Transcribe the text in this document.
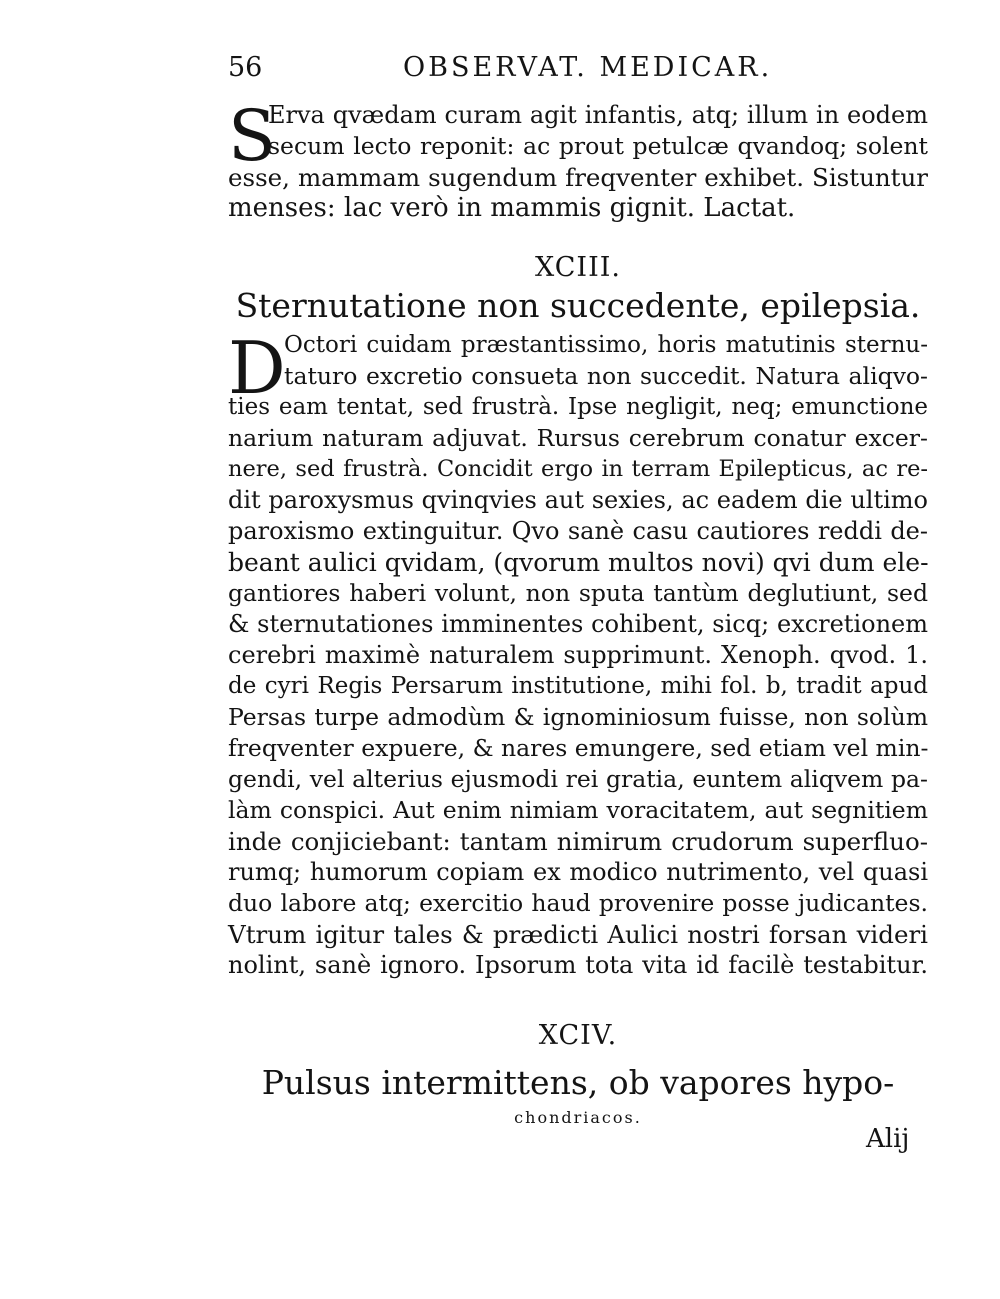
56	OBSERVAT. MEDICAR.
S
Erva qvædam curam agit infantis, atq; illum in eodem
secum lecto reponit: ac prout petulcæ qvandoq; solent
esse, mammam sugendum freqventer exhibet. Sistuntur
menses: lac verò in mammis gignit. Lactat.
XCIII.
Sternutatione non succedente, epilepsia.
D
Octori cuidam præstantissimo, horis matutinis sternu-
taturo excretio consueta non succedit. Natura aliqvo-
ties eam tentat, sed frustrà. Ipse negligit, neq; emunctione
narium naturam adjuvat. Rursus cerebrum conatur excer-
nere, sed frustrà. Concidit ergo in terram Epilepticus, ac re-
dit paroxysmus qvinqvies aut sexies, ac eadem die ultimo
paroxismo extinguitur. Qvo sanè casu cautiores reddi de-
beant aulici qvidam, (qvorum multos novi) qvi dum ele-
gantiores haberi volunt, non sputa tantùm deglutiunt, sed
& sternutationes imminentes cohibent, sicq; excretionem
cerebri maximè naturalem supprimunt. Xenoph. qvod. 1.
de cyri Regis Persarum institutione, mihi fol. b, tradit apud
Persas turpe admodùm & ignominiosum fuisse, non solùm
freqventer expuere, & nares emungere, sed etiam vel min-
gendi, vel alterius ejusmodi rei gratia, euntem aliqvem pa-
làm conspici. Aut enim nimiam voracitatem, aut segnitiem
inde conjiciebant: tantam nimirum crudorum superfluo-
rumq; humorum copiam ex modico nutrimento, vel quasi
duo labore atq; exercitio haud provenire posse judicantes.
Vtrum igitur tales & prædicti Aulici nostri forsan videri
nolint, sanè ignoro. Ipsorum tota vita id facilè testabitur.
XCIV.
Pulsus intermittens, ob vapores hypo-
chondriacos.
Alij
